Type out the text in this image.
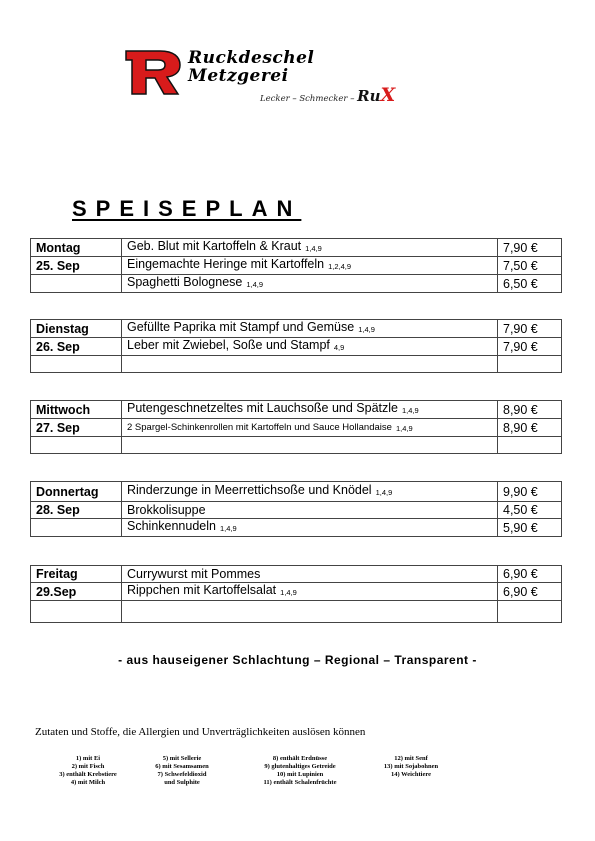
Ruckdeschel
Metzgerei
Lecker – Schmecker – RuX
SPEISEPLAN
Montag	Geb. Blut mit Kartoffeln & Kraut 1,4,9	7,90 €
25. Sep	Eingemachte Heringe mit Kartoffeln 1,2,4,9	7,50 €
	Spaghetti Bolognese 1,4,9	6,50 €
Dienstag	Gefüllte Paprika mit Stampf und Gemüse 1,4,9	7,90 €
26. Sep	Leber mit Zwiebel, Soße und Stampf 4,9	7,90 €

Mittwoch	Putengeschnetzeltes mit Lauchsoße und Spätzle 1,4,9	8,90 €
27. Sep	2 Spargel-Schinkenrollen mit Kartoffeln und Sauce Hollandaise 1,4,9	8,90 €

Donnertag	Rinderzunge in Meerrettichsoße und Knödel 1,4,9	9,90 €
28. Sep	Brokkolisuppe	4,50 €
	Schinkennudeln 1,4,9	5,90 €
Freitag	Currywurst mit Pommes	6,90 €
29.Sep	Rippchen mit Kartoffelsalat 1,4,9	6,90 €

- aus hauseigener Schlachtung – Regional – Transparent -
Zutaten und Stoffe, die Allergien und Unverträglichkeiten auslösen können
1) mit Ei
2) mit Fisch
3) enthält Krebstiere
4) mit Milch
5) mit Sellerie
6) mit Sesamsamen
7) Schwefeldioxid
und Sulphite
8) enthält Erdnüsse
9) glutenhaltiges Getreide
10) mit Lupinien
11) enthält Schalenfrüchte
12) mit Senf
13) mit Sojabohnen
14) Weichtiere
